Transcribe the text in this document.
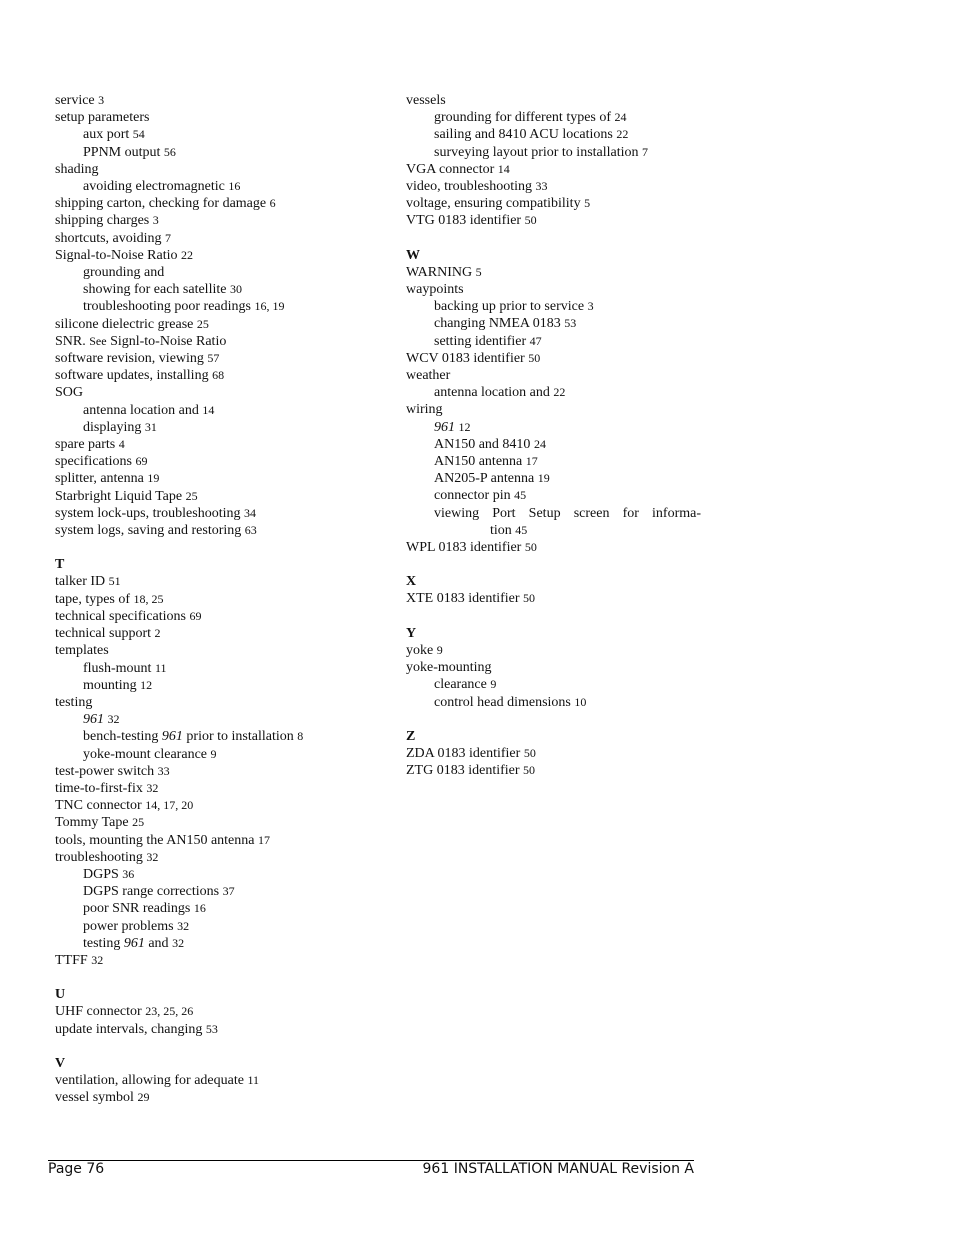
service 3
setup parameters
aux port 54
PPNM output 56
shading
avoiding electromagnetic 16
shipping carton, checking for damage 6
shipping charges 3
shortcuts, avoiding 7
Signal-to-Noise Ratio 22
grounding and
showing for each satellite 30
troubleshooting poor readings 16, 19
silicone dielectric grease 25
SNR. See Signl-to-Noise Ratio
software revision, viewing 57
software updates, installing 68
SOG
antenna location and 14
displaying 31
spare parts 4
specifications 69
splitter, antenna 19
Starbright Liquid Tape 25
system lock-ups, troubleshooting 34
system logs, saving and restoring 63
T
talker ID 51
tape, types of 18, 25
technical specifications 69
technical support 2
templates
flush-mount 11
mounting 12
testing
961 32
bench-testing 961 prior to installation 8
yoke-mount clearance 9
test-power switch 33
time-to-first-fix 32
TNC connector 14, 17, 20
Tommy Tape 25
tools, mounting the AN150 antenna 17
troubleshooting 32
DGPS 36
DGPS range corrections 37
poor SNR readings 16
power problems 32
testing 961 and 32
TTFF 32
U
UHF connector 23, 25, 26
update intervals, changing 53
V
ventilation, allowing for adequate 11
vessel symbol 29
vessels
grounding for different types of 24
sailing and 8410 ACU locations 22
surveying layout prior to installation 7
VGA connector 14
video, troubleshooting 33
voltage, ensuring compatibility 5
VTG 0183 identifier 50
W
WARNING 5
waypoints
backing up prior to service 3
changing NMEA 0183 53
setting identifier 47
WCV 0183 identifier 50
weather
antenna location and 22
wiring
961 12
AN150 and 8410 24
AN150 antenna 17
AN205-P antenna 19
connector pin 45
viewing Port Setup screen for informa-
tion 45
WPL 0183 identifier 50
X
XTE 0183 identifier 50
Y
yoke 9
yoke-mounting
clearance 9
control head dimensions 10
Z
ZDA 0183 identifier 50
ZTG 0183 identifier 50
Page 76	961 INSTALLATION MANUAL Revision A
